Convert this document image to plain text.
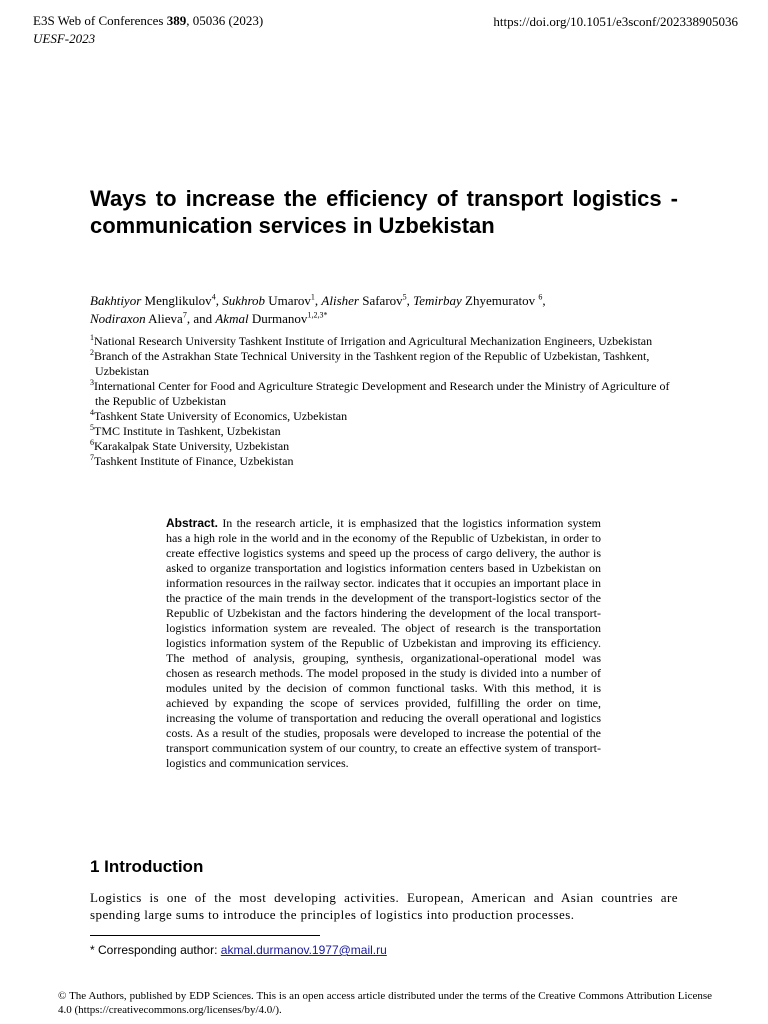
E3S Web of Conferences 389, 05036 (2023)
UESF-2023
https://doi.org/10.1051/e3sconf/202338905036
Ways to increase the efficiency of transport logistics - communication services in Uzbekistan
Bakhtiyor Menglikulov$^4$, Sukhrob Umarov$^1$, Alisher Safarov$^5$, Temirbay Zhyemuratov $^6$,
Nodiraxon Alieva$^7$, and Akmal Durmanov$^{1,2,3*}$
$^1$National Research University Tashkent Institute of Irrigation and Agricultural Mechanization Engineers, Uzbekistan
$^2$Branch of the Astrakhan State Technical University in the Tashkent region of the Republic of Uzbekistan, Tashkent, Uzbekistan
$^3$International Center for Food and Agriculture Strategic Development and Research under the Ministry of Agriculture of the Republic of Uzbekistan
$^4$Tashkent State University of Economics, Uzbekistan
$^5$TMC Institute in Tashkent, Uzbekistan
$^6$Karakalpak State University, Uzbekistan
$^7$Tashkent Institute of Finance, Uzbekistan
Abstract. In the research article, it is emphasized that the logistics information system has a high role in the world and in the economy of the Republic of Uzbekistan, in order to create effective logistics systems and speed up the process of cargo delivery, the author is asked to organize transportation and logistics information centers based in Uzbekistan on information resources in the railway sector. indicates that it occupies an important place in the practice of the main trends in the development of the transport-logistics sector of the Republic of Uzbekistan and the factors hindering the development of the local transport-logistics information system are revealed. The object of research is the transportation logistics information system of the Republic of Uzbekistan and improving its efficiency. The method of analysis, grouping, synthesis, organizational-operational model was chosen as research methods. The model proposed in the study is divided into a number of modules united by the decision of common functional tasks. With this method, it is achieved by expanding the scope of services provided, fulfilling the order on time, increasing the volume of transportation and reducing the overall operational and logistics costs. As a result of the studies, proposals were developed to increase the potential of the transport communication system of our country, to create an effective system of transport-logistics and communication services.
1 Introduction

Logistics is one of the most developing activities. European, American and Asian countries are spending large sums to introduce the principles of logistics into production processes.

* Corresponding author: akmal.durmanov.1977@mail.ru
© The Authors, published by EDP Sciences. This is an open access article distributed under the terms of the Creative Commons Attribution License 4.0 (https://creativecommons.org/licenses/by/4.0/).
